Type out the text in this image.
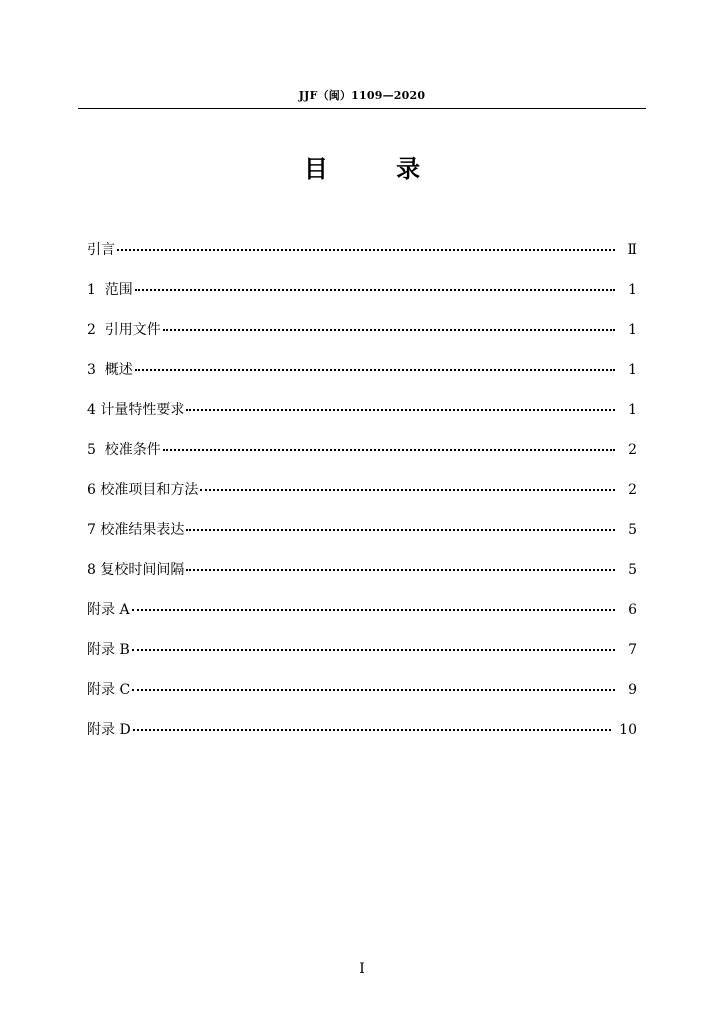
JJF（闽）1109—2020
目 录
引言	Ⅱ
1  范围	1
2  引用文件	1
3  概述	1
4 计量特性要求	1
5  校准条件	2
6 校准项目和方法	2
7 校准结果表达	5
8 复校时间间隔	5
附录 A	6
附录 B	7
附录 C	9
附录 D	10
I
